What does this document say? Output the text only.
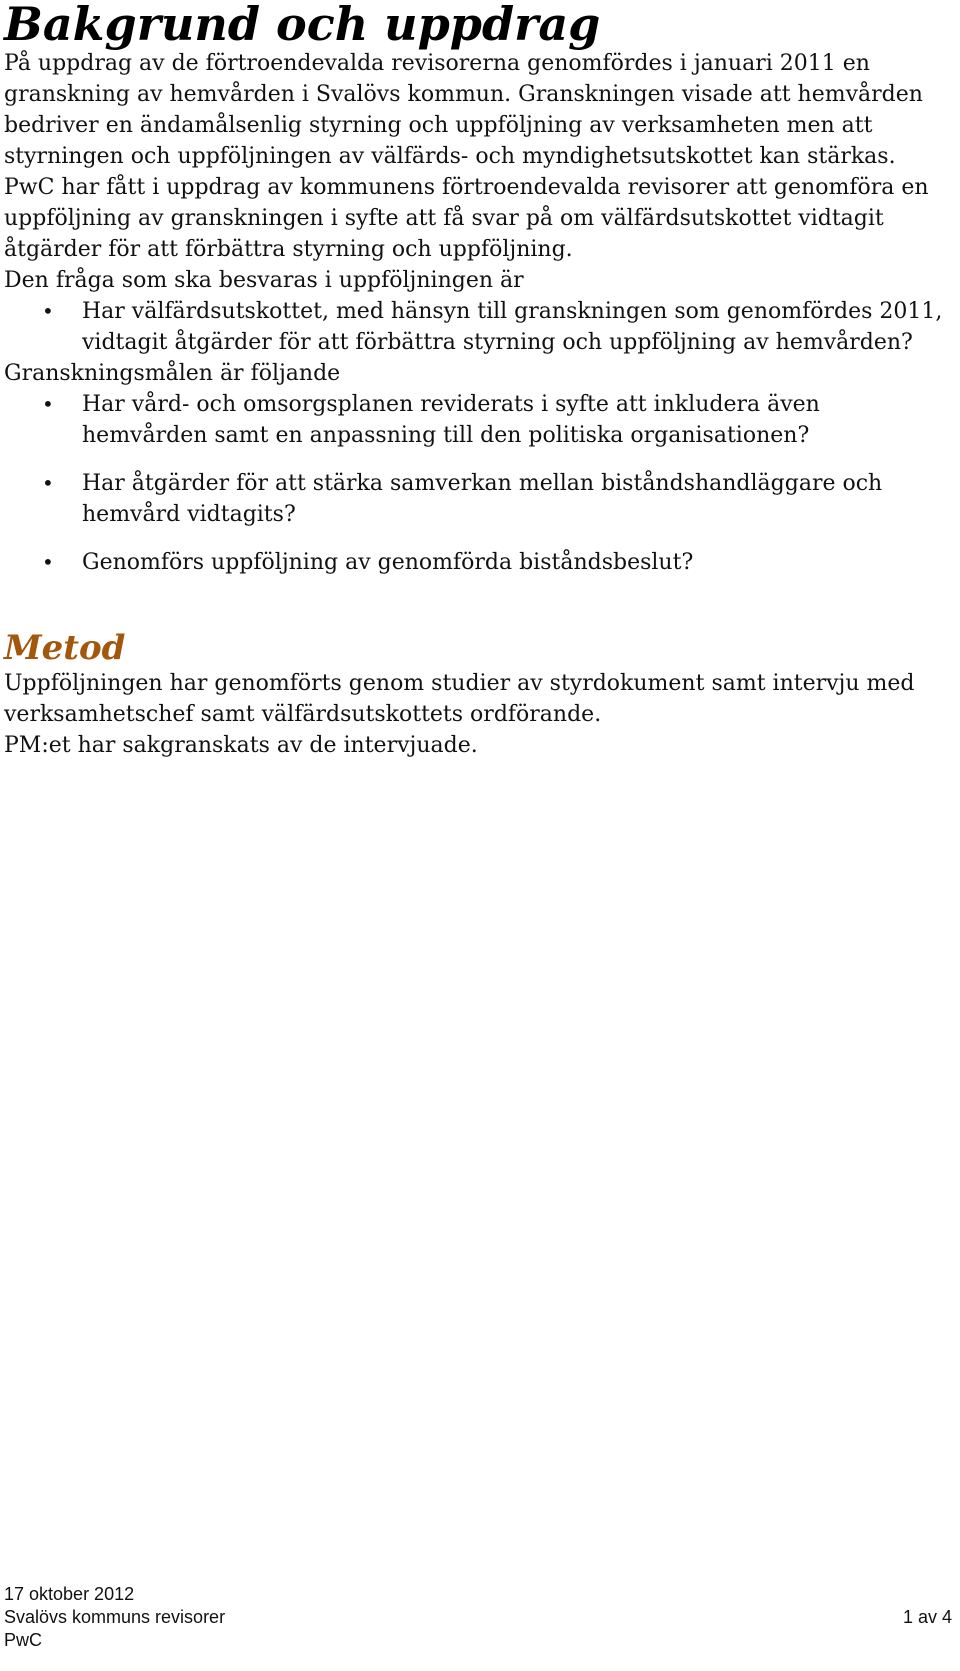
Bakgrund och uppdrag

På uppdrag av de förtroendevalda revisorerna genomfördes i januari 2011 en granskning av hemvården i Svalövs kommun. Granskningen visade att hemvården bedriver en ändamålsenlig styrning och uppföljning av verksamheten men att styrningen och uppföljningen av välfärds- och myndighetsutskottet kan stärkas.

PwC har fått i uppdrag av kommunens förtroendevalda revisorer att genomföra en uppföljning av granskningen i syfte att få svar på om välfärdsutskottet vidtagit åtgärder för att förbättra styrning och uppföljning.

Den fråga som ska besvaras i uppföljningen är

• Har välfärdsutskottet, med hänsyn till granskningen som genomfördes 2011, vidtagit åtgärder för att förbättra styrning och uppföljning av hemvården?

Granskningsmålen är följande

• Har vård- och omsorgsplanen reviderats i syfte att inkludera även hemvården samt en anpassning till den politiska organisationen?
• Har åtgärder för att stärka samverkan mellan biståndshandläggare och hemvård vidtagits?
• Genomförs uppföljning av genomförda biståndsbeslut?
Metod

Uppföljningen har genomförts genom studier av styrdokument samt intervju med verksamhetschef samt välfärdsutskottets ordförande.

PM:et har sakgranskats av de intervjuade.

17 oktober 2012
Svalövs kommuns revisorer	1 av 4
PwC
